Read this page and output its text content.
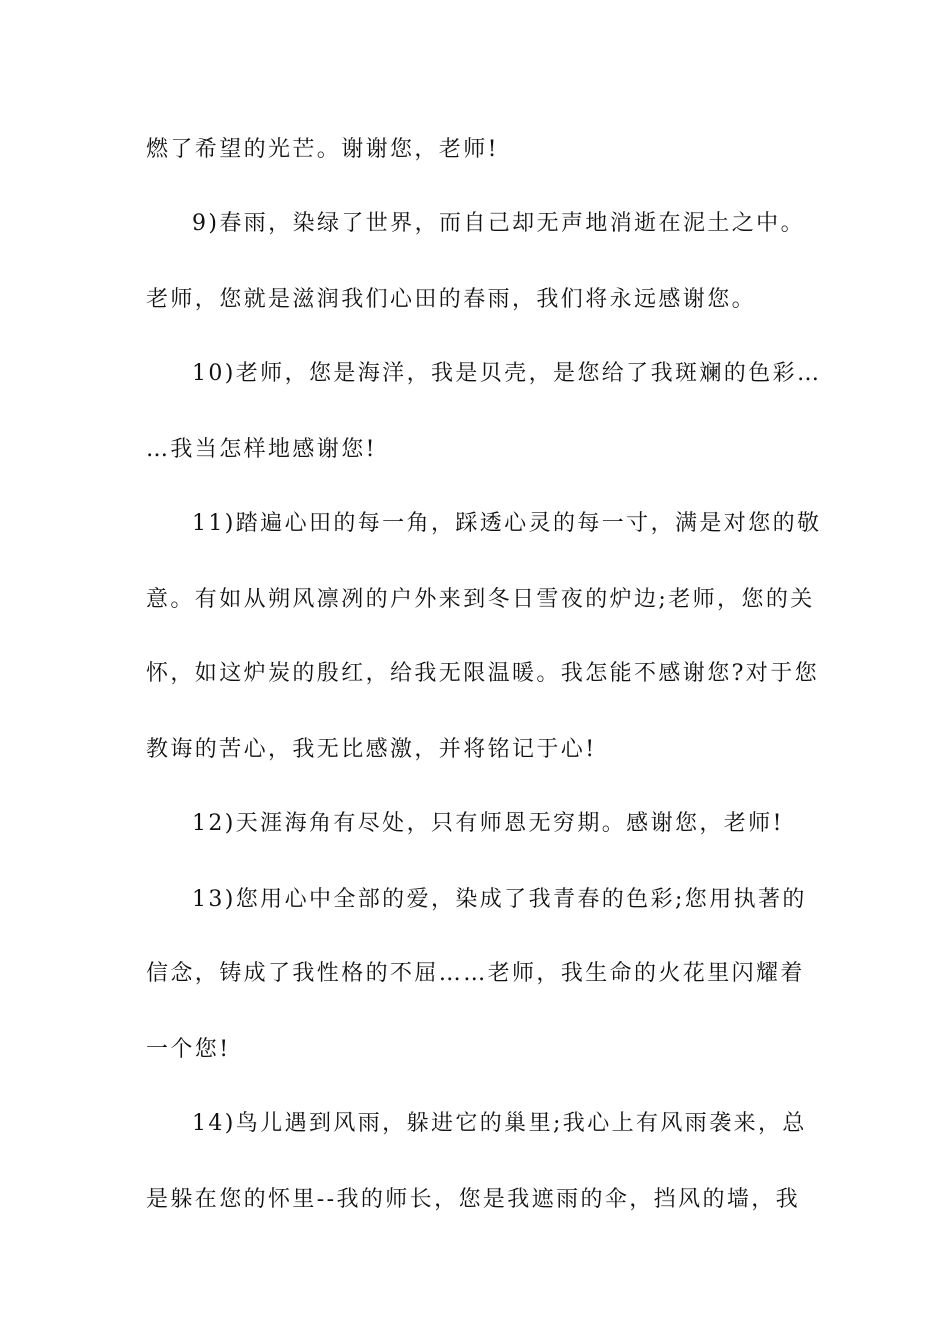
燃了希望的光芒。谢谢您，老师!
9)春雨，染绿了世界，而自己却无声地消逝在泥土之中。
老师，您就是滋润我们心田的春雨，我们将永远感谢您。
10)老师，您是海洋，我是贝壳，是您给了我斑斓的色彩…
…我当怎样地感谢您!
11)踏遍心田的每一角，踩透心灵的每一寸，满是对您的敬
意。有如从朔风凛冽的户外来到冬日雪夜的炉边;老师，您的关
怀，如这炉炭的殷红，给我无限温暖。我怎能不感谢您?对于您
教诲的苦心，我无比感激，并将铭记于心!
12)天涯海角有尽处，只有师恩无穷期。感谢您，老师!
13)您用心中全部的爱，染成了我青春的色彩;您用执著的
信念，铸成了我性格的不屈……老师，我生命的火花里闪耀着
一个您!
14)鸟儿遇到风雨，躲进它的巢里;我心上有风雨袭来，总
是躲在您的怀里--我的师长，您是我遮雨的伞，挡风的墙，我
